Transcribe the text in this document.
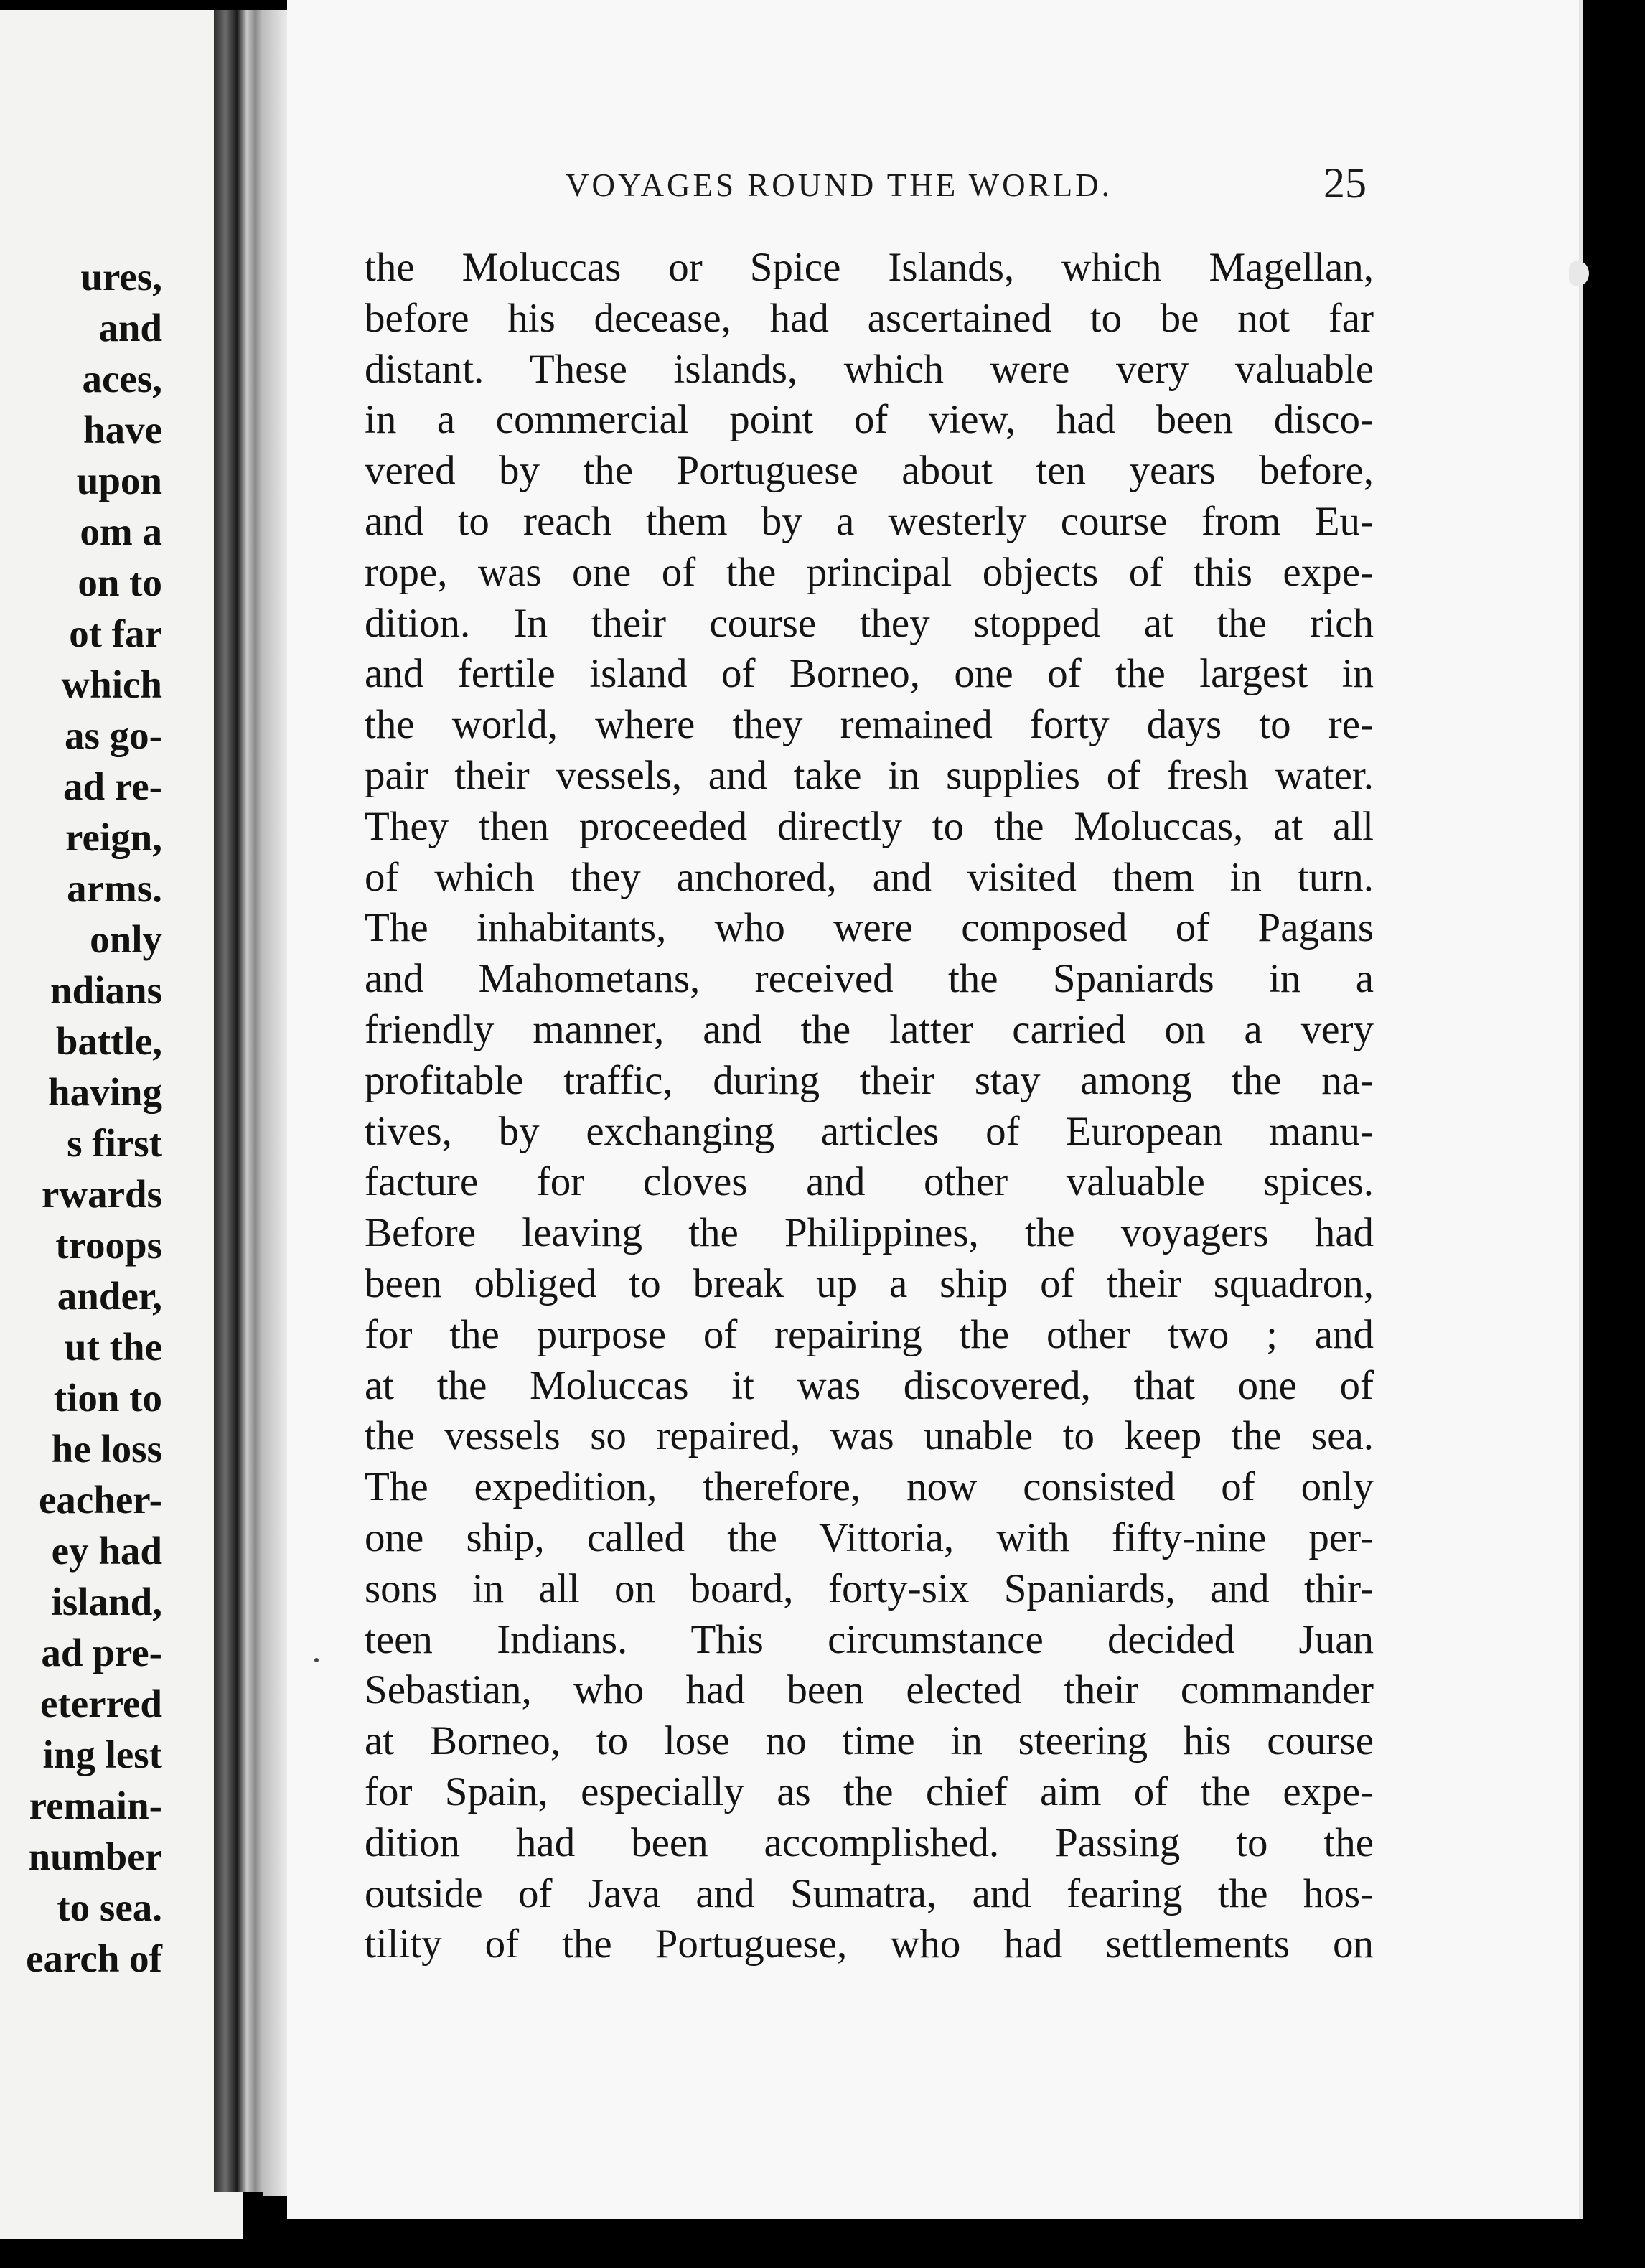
ures,
and
aces,
have
upon
om a
on to
ot far
which
as go-
ad re-
reign,
arms.
only
ndians
battle,
having
s first
rwards
troops
ander,
ut the
tion to
he loss
eacher-
ey had
island,
ad pre-
eterred
ing lest
remain-
number
to sea.
earch of
VOYAGES ROUND THE WORLD.	25
the Moluccas or Spice Islands, which Magellan,
before his decease, had ascertained to be not far
distant. These islands, which were very valuable
in a commercial point of view, had been disco-
vered by the Portuguese about ten years before,
and to reach them by a westerly course from Eu-
rope, was one of the principal objects of this expe-
dition. In their course they stopped at the rich
and fertile island of Borneo, one of the largest in
the world, where they remained forty days to re-
pair their vessels, and take in supplies of fresh water.
They then proceeded directly to the Moluccas, at all
of which they anchored, and visited them in turn.
The inhabitants, who were composed of Pagans
and Mahometans, received the Spaniards in a
friendly manner, and the latter carried on a very
profitable traffic, during their stay among the na-
tives, by exchanging articles of European manu-
facture for cloves and other valuable spices.
Before leaving the Philippines, the voyagers had
been obliged to break up a ship of their squadron,
for the purpose of repairing the other two ; and
at the Moluccas it was discovered, that one of
the vessels so repaired, was unable to keep the sea.
The expedition, therefore, now consisted of only
one ship, called the Vittoria, with fifty-nine per-
sons in all on board, forty-six Spaniards, and thir-
teen Indians. This circumstance decided Juan
Sebastian, who had been elected their commander
at Borneo, to lose no time in steering his course
for Spain, especially as the chief aim of the expe-
dition had been accomplished. Passing to the
outside of Java and Sumatra, and fearing the hos-
tility of the Portuguese, who had settlements on
